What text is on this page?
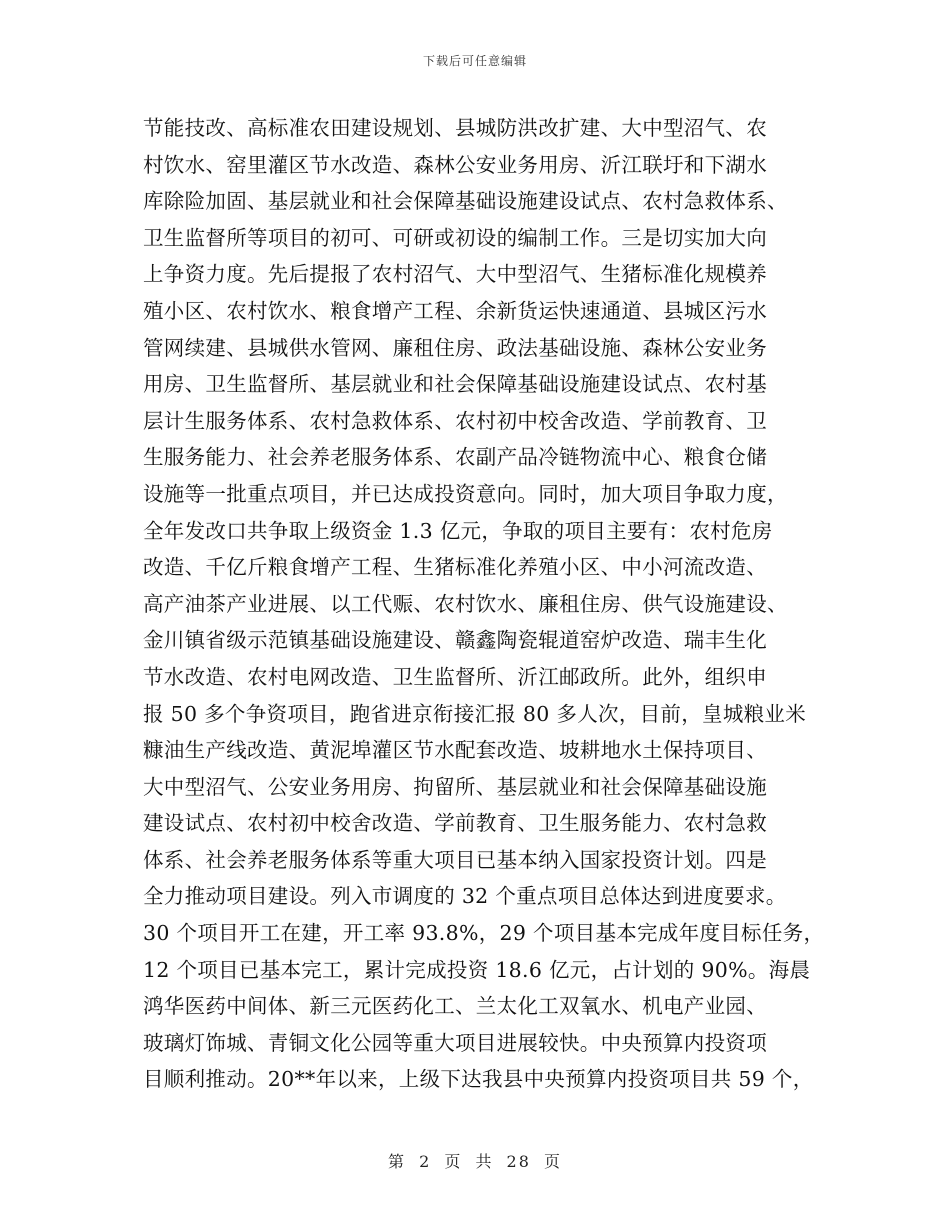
下载后可任意编辑
节能技改、高标准农田建设规划、县城防洪改扩建、大中型沼气、农
村饮水、窑里灌区节水改造、森林公安业务用房、沂江联圩和下湖水
库除险加固、基层就业和社会保障基础设施建设试点、农村急救体系、
卫生监督所等项目的初可、可研或初设的编制工作。三是切实加大向
上争资力度。先后提报了农村沼气、大中型沼气、生猪标准化规模养
殖小区、农村饮水、粮食增产工程、余新货运快速通道、县城区污水
管网续建、县城供水管网、廉租住房、政法基础设施、森林公安业务
用房、卫生监督所、基层就业和社会保障基础设施建设试点、农村基
层计生服务体系、农村急救体系、农村初中校舍改造、学前教育、卫
生服务能力、社会养老服务体系、农副产品冷链物流中心、粮食仓储
设施等一批重点项目，并已达成投资意向。同时，加大项目争取力度，
全年发改口共争取上级资金 1.3 亿元，争取的项目主要有：农村危房
改造、千亿斤粮食增产工程、生猪标准化养殖小区、中小河流改造、
高产油茶产业进展、以工代赈、农村饮水、廉租住房、供气设施建设、
金川镇省级示范镇基础设施建设、赣鑫陶瓷辊道窑炉改造、瑞丰生化
节水改造、农村电网改造、卫生监督所、沂江邮政所。此外，组织申
报 50 多个争资项目，跑省进京衔接汇报 80 多人次，目前，皇城粮业米
糠油生产线改造、黄泥埠灌区节水配套改造、坡耕地水土保持项目、
大中型沼气、公安业务用房、拘留所、基层就业和社会保障基础设施
建设试点、农村初中校舍改造、学前教育、卫生服务能力、农村急救
体系、社会养老服务体系等重大项目已基本纳入国家投资计划。四是
全力推动项目建设。列入市调度的 32 个重点项目总体达到进度要求。
30 个项目开工在建，开工率 93.8%，29 个项目基本完成年度目标任务，
12 个项目已基本完工，累计完成投资 18.6 亿元，占计划的 90%。海晨
鸿华医药中间体、新三元医药化工、兰太化工双氧水、机电产业园、
玻璃灯饰城、青铜文化公园等重大项目进展较快。中央预算内投资项
目顺利推动。20**年以来，上级下达我县中央预算内投资项目共 59 个，
第 2 页 共 28 页
